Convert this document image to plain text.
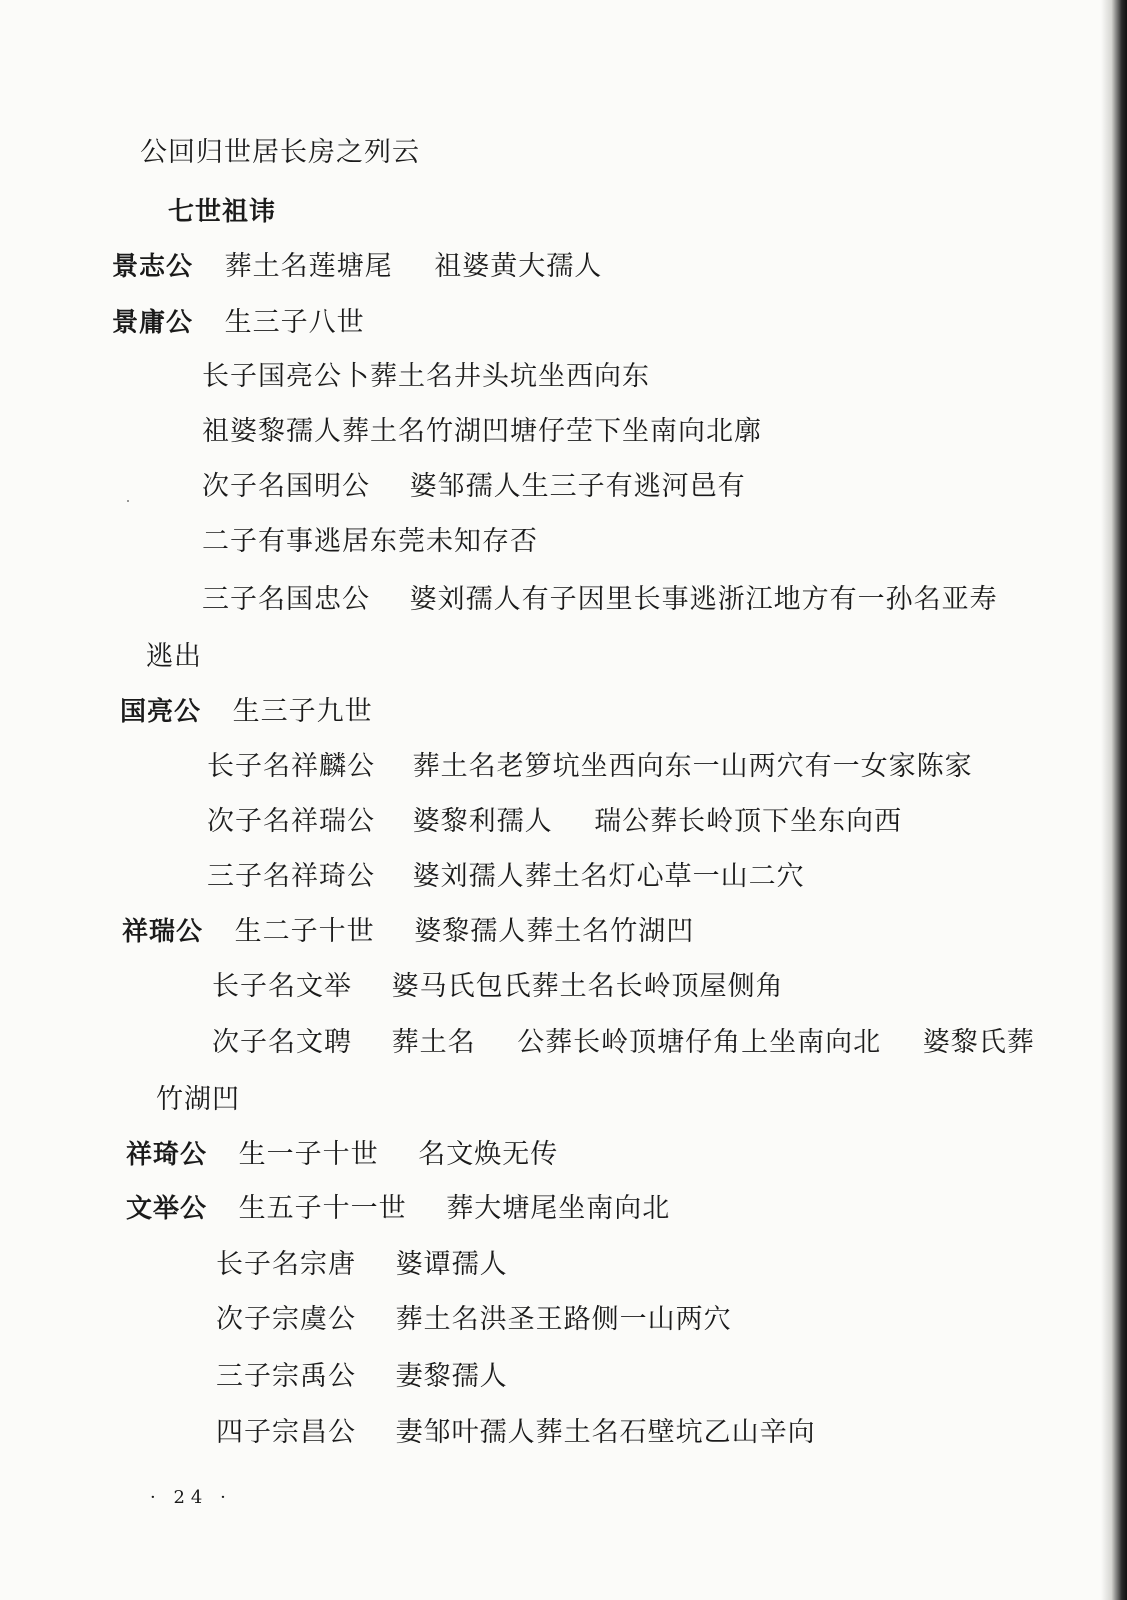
公回归世居长房之列云
七世祖讳
景志公 葬土名莲塘尾 祖婆黄大孺人
景庸公 生三子八世
长子国亮公卜葬土名井头坑坐西向东
祖婆黎孺人葬土名竹湖凹塘仔茔下坐南向北廓
次子名国明公 婆邹孺人生三子有逃河邑有
二子有事逃居东莞未知存否
三子名国忠公 婆刘孺人有子因里长事逃浙江地方有一孙名亚寿
逃出
国亮公 生三子九世
长子名祥麟公 葬土名老箩坑坐西向东一山两穴有一女家陈家
次子名祥瑞公 婆黎利孺人 瑞公葬长岭顶下坐东向西
三子名祥琦公 婆刘孺人葬土名灯心草一山二穴
祥瑞公 生二子十世 婆黎孺人葬土名竹湖凹
长子名文举 婆马氏包氏葬土名长岭顶屋侧角
次子名文聘 葬土名 公葬长岭顶塘仔角上坐南向北 婆黎氏葬
竹湖凹
祥琦公 生一子十世 名文焕无传
文举公 生五子十一世 葬大塘尾坐南向北
长子名宗唐 婆谭孺人
次子宗虞公 葬土名洪圣王路侧一山两穴
三子宗禹公 妻黎孺人
四子宗昌公 妻邹叶孺人葬土名石壁坑乙山辛向
· 24 ·
